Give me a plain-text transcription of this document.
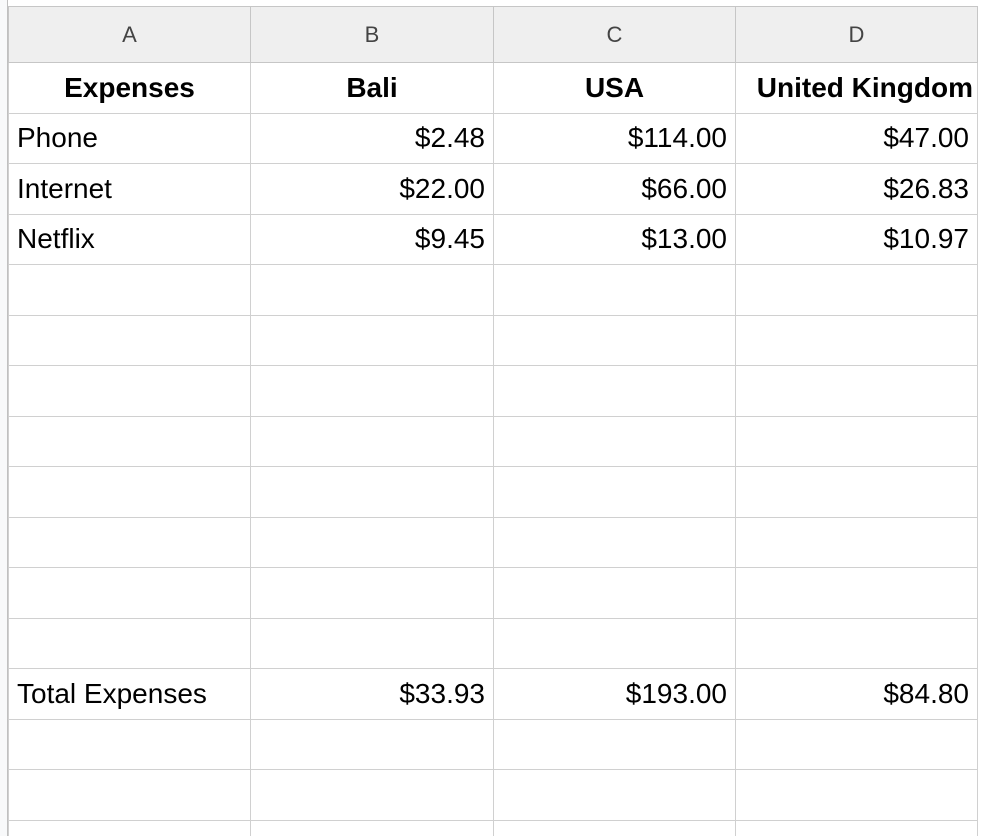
A	B	C	D
Expenses	Bali	USA	United Kingdom
Phone	$2.48	$114.00	$47.00
Internet	$22.00	$66.00	$26.83
Netflix	$9.45	$13.00	$10.97

Total Expenses	$33.93	$193.00	$84.80
